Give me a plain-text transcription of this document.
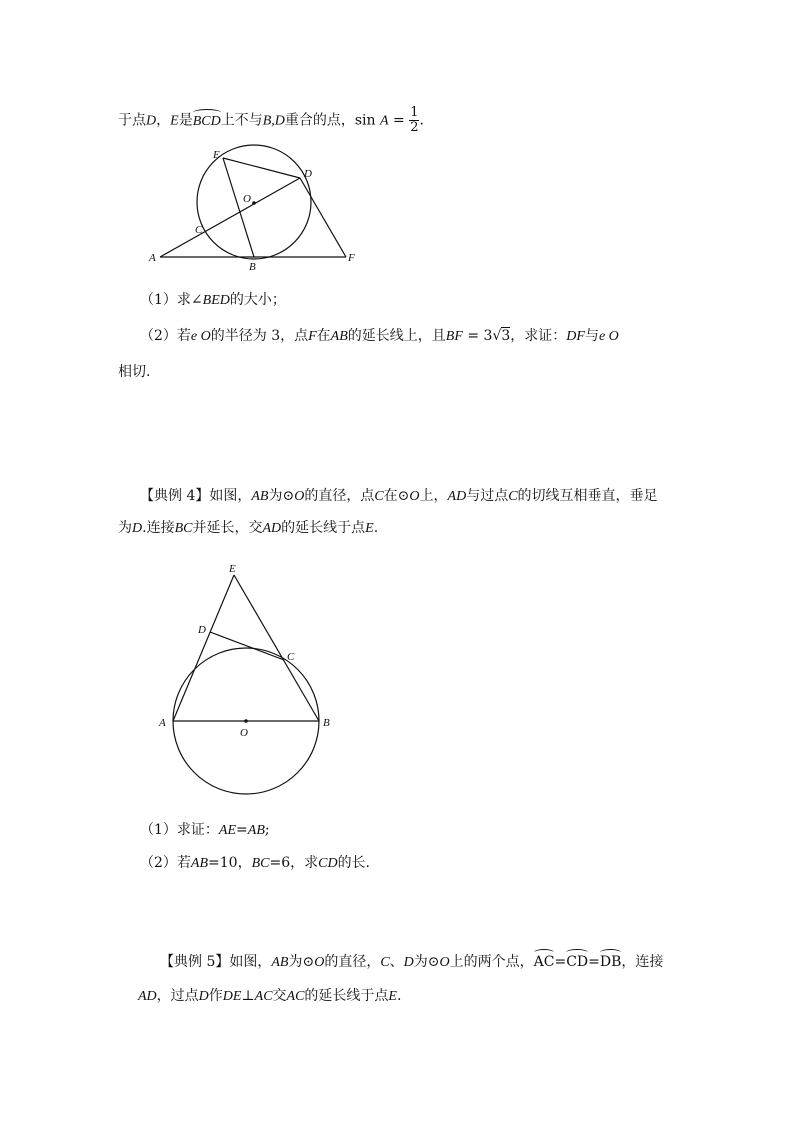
于点D，E是BCD上不与B,D重合的点，$\sin A = \frac{1}{2}$ .
E
D
O
C
A
B
F
（1）求∠BED的大小；
（2）若e O的半径为 3，点F在AB的延长线上，且BF = 3√3，求证：DF与e O
相切.
【典例 4】如图，AB为⊙O的直径，点C在⊙O上，AD与过点C的切线互相垂直，垂足
为D.连接BC并延长，交AD的延长线于点E.
E
D
C
A
O
B
（1）求证：AE=AB;
（2）若AB=10，BC=6，求CD的长.
【典例 5】如图，AB为⊙O的直径，C、D为⊙O上的两个点，AC=CD=DB，连接
AD，过点D作DE⊥AC交AC的延长线于点E.
